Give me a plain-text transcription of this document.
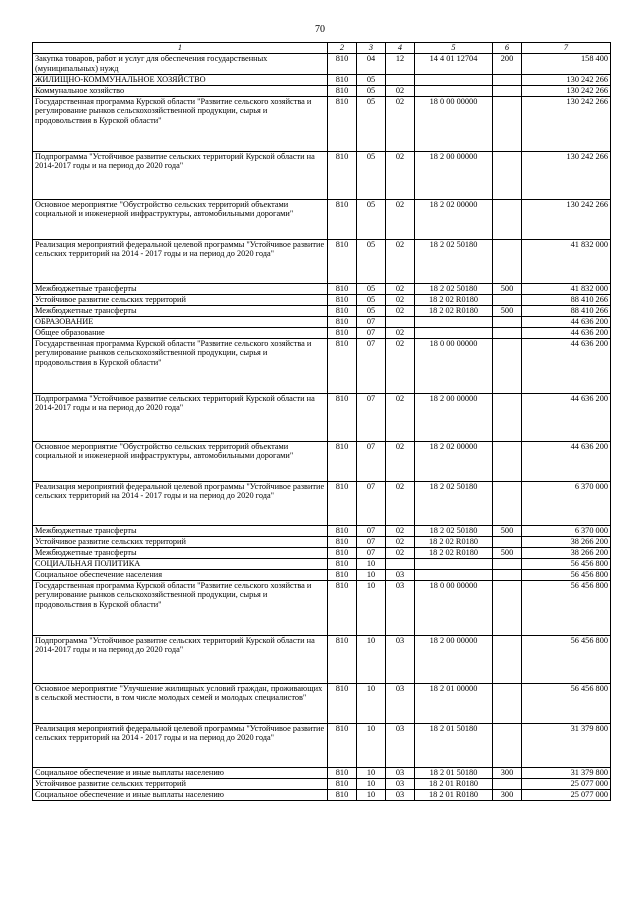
70
1	2	3	4	5	6	7
Закупка товаров, работ и услуг для обеспечения государственных (муниципальных) нужд	810	04	12	14 4 01 12704	200	158 400
ЖИЛИЩНО-КОММУНАЛЬНОЕ ХОЗЯЙСТВО	810	05				130 242 266
Коммунальное хозяйство	810	05	02			130 242 266
Государственная программа Курской области "Развитие сельского хозяйства и регулирование рынков сельскохозяйственной продукции, сырья и продовольствия в Курской области"	810	05	02	18 0 00 00000		130 242 266
Подпрограмма "Устойчивое развитие сельских территорий Курской области на 2014-2017 годы и на период до 2020 года"	810	05	02	18 2 00 00000		130 242 266
Основное мероприятие "Обустройство сельских территорий объектами социальной и инженерной инфраструктуры, автомобильными дорогами"	810	05	02	18 2 02 00000		130 242 266
Реализация мероприятий федеральной целевой программы "Устойчивое развитие сельских территорий на 2014 - 2017 годы и на период до 2020 года"	810	05	02	18 2 02 50180		41 832 000
Межбюджетные трансферты	810	05	02	18 2 02 50180	500	41 832 000
Устойчивое развитие сельских территорий	810	05	02	18 2 02 R0180		88 410 266
Межбюджетные трансферты	810	05	02	18 2 02 R0180	500	88 410 266
ОБРАЗОВАНИЕ	810	07				44 636 200
Общее образование	810	07	02			44 636 200
Государственная программа Курской области "Развитие сельского хозяйства и регулирование рынков сельскохозяйственной продукции, сырья и продовольствия в Курской области"	810	07	02	18 0 00 00000		44 636 200
Подпрограмма "Устойчивое развитие сельских территорий Курской области на 2014-2017 годы и на период до 2020 года"	810	07	02	18 2 00 00000		44 636 200
Основное мероприятие "Обустройство сельских территорий объектами социальной и инженерной инфраструктуры, автомобильными дорогами"	810	07	02	18 2 02 00000		44 636 200
Реализация мероприятий федеральной целевой программы "Устойчивое развитие сельских территорий на 2014 - 2017 годы и на период до 2020 года"	810	07	02	18 2 02 50180		6 370 000
Межбюджетные трансферты	810	07	02	18 2 02 50180	500	6 370 000
Устойчивое развитие сельских территорий	810	07	02	18 2 02 R0180		38 266 200
Межбюджетные трансферты	810	07	02	18 2 02 R0180	500	38 266 200
СОЦИАЛЬНАЯ ПОЛИТИКА	810	10				56 456 800
Социальное обеспечение населения	810	10	03			56 456 800
Государственная программа Курской области "Развитие сельского хозяйства и регулирование рынков сельскохозяйственной продукции, сырья и продовольствия в Курской области"	810	10	03	18 0 00 00000		56 456 800
Подпрограмма "Устойчивое развитие сельских территорий Курской области на 2014-2017 годы и на период до 2020 года"	810	10	03	18 2 00 00000		56 456 800
Основное мероприятие "Улучшение жилищных условий граждан, проживающих в сельской местности, в том числе молодых семей и молодых специалистов"	810	10	03	18 2 01 00000		56 456 800
Реализация мероприятий федеральной целевой программы "Устойчивое развитие сельских территорий на 2014 - 2017 годы и на период до 2020 года"	810	10	03	18 2 01 50180		31 379 800
Социальное обеспечение и иные выплаты населению	810	10	03	18 2 01 50180	300	31 379 800
Устойчивое развитие сельских территорий	810	10	03	18 2 01 R0180		25 077 000
Социальное обеспечение и иные выплаты населению	810	10	03	18 2 01 R0180	300	25 077 000
